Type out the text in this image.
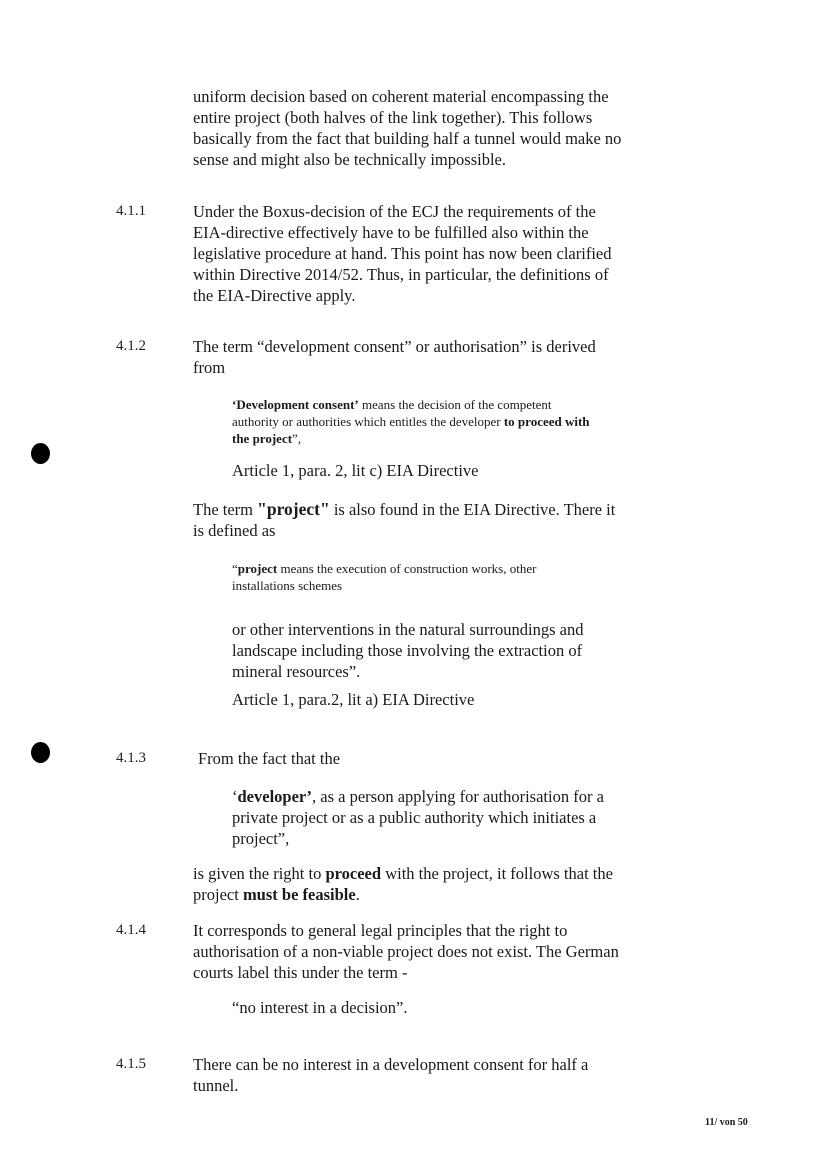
uniform decision based on coherent material encompassing the
entire project (both halves of the link together). This follows
basically from the fact that building half a tunnel would make no
sense and might also be technically impossible.
4.1.1	Under the Boxus-decision of the ECJ the requirements of the
EIA-directive effectively have to be fulfilled also within the
legislative procedure at hand. This point has now been clarified
within Directive 2014/52. Thus, in particular, the definitions of
the EIA-Directive apply.
4.1.2	The term “development consent” or authorisation” is derived
from
‘Development consent’ means the decision of the competent
authority or authorities which entitles the developer to proceed with
the project”,
Article 1, para. 2, lit c) EIA Directive
The term "project" is also found in the EIA Directive. There it
is defined as
“project means the execution of construction works, other
installations schemes
or other interventions in the natural surroundings and
landscape including those involving the extraction of
mineral resources”.
Article 1, para.2, lit a) EIA Directive
4.1.3	From the fact that the
‘developer’, as a person applying for authorisation for a
private project or as a public authority which initiates a
project”,
is given the right to proceed with the project, it follows that the
project must be feasible.
4.1.4	It corresponds to general legal principles that the right to
authorisation of a non-viable project does not exist. The German
courts label this under the term -
“no interest in a decision”.
4.1.5	There can be no interest in a development consent for half a
tunnel.
11/ von 50
